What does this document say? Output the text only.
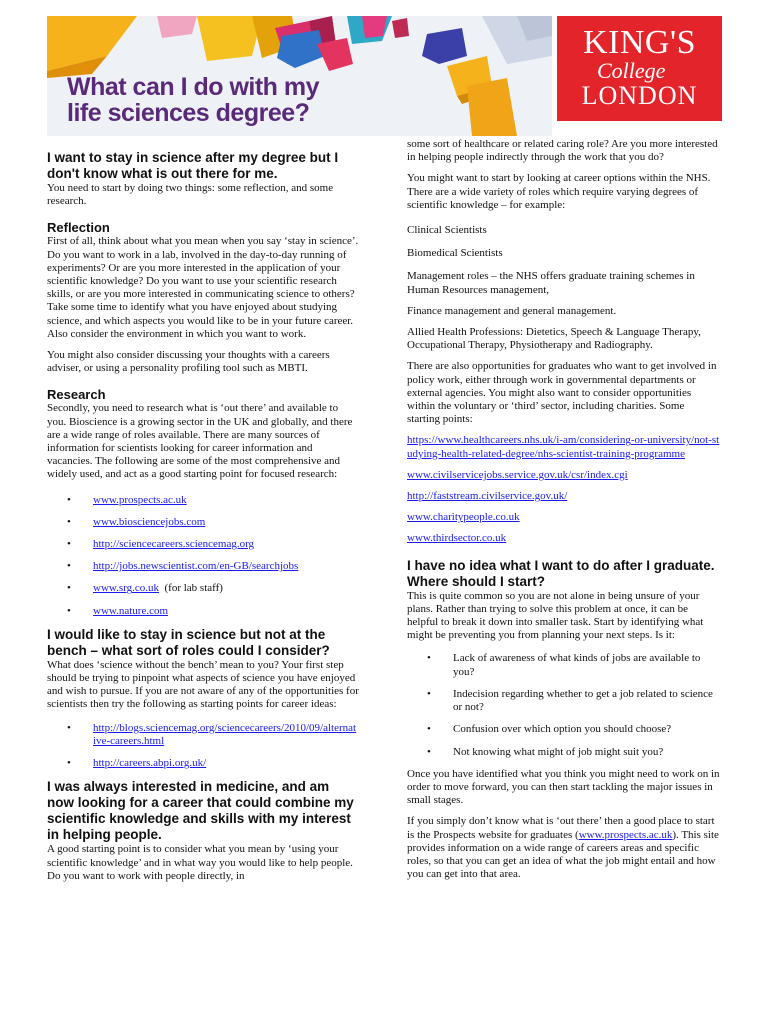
What can I do with my
life sciences degree?
KING'S
College
LONDON
I want to stay in science after my degree but I don't know what is out there for me.

You need to start by doing two things: some reflection, and some research.

Reflection

First of all, think about what you mean when you say ‘stay in science’. Do you want to work in a lab, involved in the day-to-day running of experiments? Or are you more interested in the application of your scientific knowledge? Do you want to use your scientific research skills, or are you more interested in communicating science to others? Take some time to identify what you have enjoyed about studying science, and which aspects you would like to be in your future career. Also consider the environment in which you want to work.

You might also consider discussing your thoughts with a careers adviser, or using a personality profiling tool such as MBTI.

Research

Secondly, you need to research what is ‘out there’ and available to you. Bioscience is a growing sector in the UK and globally, and there are a wide range of roles available. There are many sources of information for scientists looking for career information and vacancies. The following are some of the most comprehensive and widely used, and act as a good starting point for focused research:

• www.prospects.ac.uk
• www.biosciencejobs.com
• http://sciencecareers.sciencemag.org
• http://jobs.newscientist.com/en-GB/searchjobs
• www.srg.co.uk (for lab staff)
• www.nature.com
I would like to stay in science but not at the bench – what sort of roles could I consider?

What does ‘science without the bench’ mean to you? Your first step should be trying to pinpoint what aspects of science you have enjoyed and wish to pursue. If you are not aware of any of the opportunities for scientists then try the following as starting points for career ideas:

• http://blogs.sciencemag.org/sciencecareers/2010/09/alternative-careers.html
• http://careers.abpi.org.uk/
I was always interested in medicine, and am now looking for a career that could combine my scientific knowledge and skills with my interest in helping people.

A good starting point is to consider what you mean by ‘using your scientific knowledge’ and in what way you would like to help people. Do you want to work with people directly, in

some sort of healthcare or related caring role? Are you more interested in helping people indirectly through the work that you do?

You might want to start by looking at career options within the NHS. There are a wide variety of roles which require varying degrees of scientific knowledge – for example:

Clinical Scientists

Biomedical Scientists

Management roles – the NHS offers graduate training schemes in Human Resources management,

Finance management and general management.

Allied Health Professions: Dietetics, Speech & Language Therapy, Occupational Therapy, Physiotherapy and Radiography.

There are also opportunities for graduates who want to get involved in policy work, either through work in governmental departments or external agencies. You might also want to consider opportunities within the voluntary or ‘third’ sector, including charities. Some starting points:

https://www.healthcareers.nhs.uk/i-am/considering-or-university/not-studying-health-related-degree/nhs-scientist-training-programme

www.civilservicejobs.service.gov.uk/csr/index.cgi

http://faststream.civilservice.gov.uk/

www.charitypeople.co.uk

www.thirdsector.co.uk

I have no idea what I want to do after I graduate. Where should I start?

This is quite common so you are not alone in being unsure of your plans. Rather than trying to solve this problem at once, it can be helpful to break it down into smaller task. Start by identifying what might be preventing you from planning your next steps. Is it:

• Lack of awareness of what kinds of jobs are available to you?
• Indecision regarding whether to get a job related to science or not?
• Confusion over which option you should choose?
• Not knowing what might of job might suit you?

Once you have identified what you think you might need to work on in order to move forward, you can then start tackling the major issues in small stages.

If you simply don’t know what is ‘out there’ then a good place to start is the Prospects website for graduates (www.prospects.ac.uk). This site provides information on a wide range of careers areas and specific roles, so that you can get an idea of what the job might entail and how you can get into that area.
